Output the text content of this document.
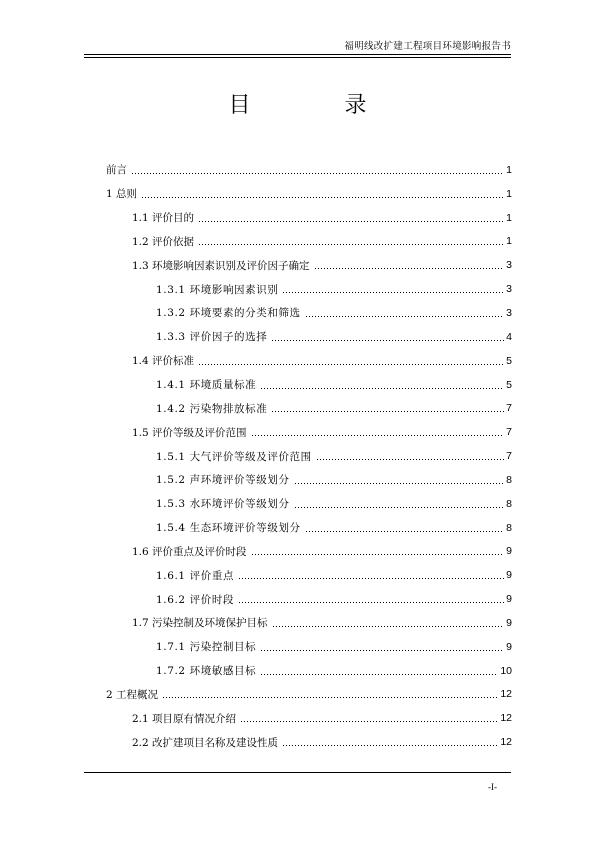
福明线改扩建工程项目环境影响报告书
目　录
前言	1
1 总则	1
1.1 评价目的	1
1.2 评价依据	1
1.3 环境影响因素识别及评价因子确定	3
1.3.1 环境影响因素识别	3
1.3.2 环境要素的分类和筛选	3
1.3.3 评价因子的选择	4
1.4 评价标准	5
1.4.1 环境质量标准	5
1.4.2 污染物排放标准	7
1.5 评价等级及评价范围	7
1.5.1 大气评价等级及评价范围	7
1.5.2 声环境评价等级划分	8
1.5.3 水环境评价等级划分	8
1.5.4 生态环境评价等级划分	8
1.6 评价重点及评价时段	9
1.6.1 评价重点	9
1.6.2 评价时段	9
1.7 污染控制及环境保护目标	9
1.7.1 污染控制目标	9
1.7.2 环境敏感目标	10
2 工程概况	12
2.1 项目原有情况介绍	12
2.2 改扩建项目名称及建设性质	12
-I-
